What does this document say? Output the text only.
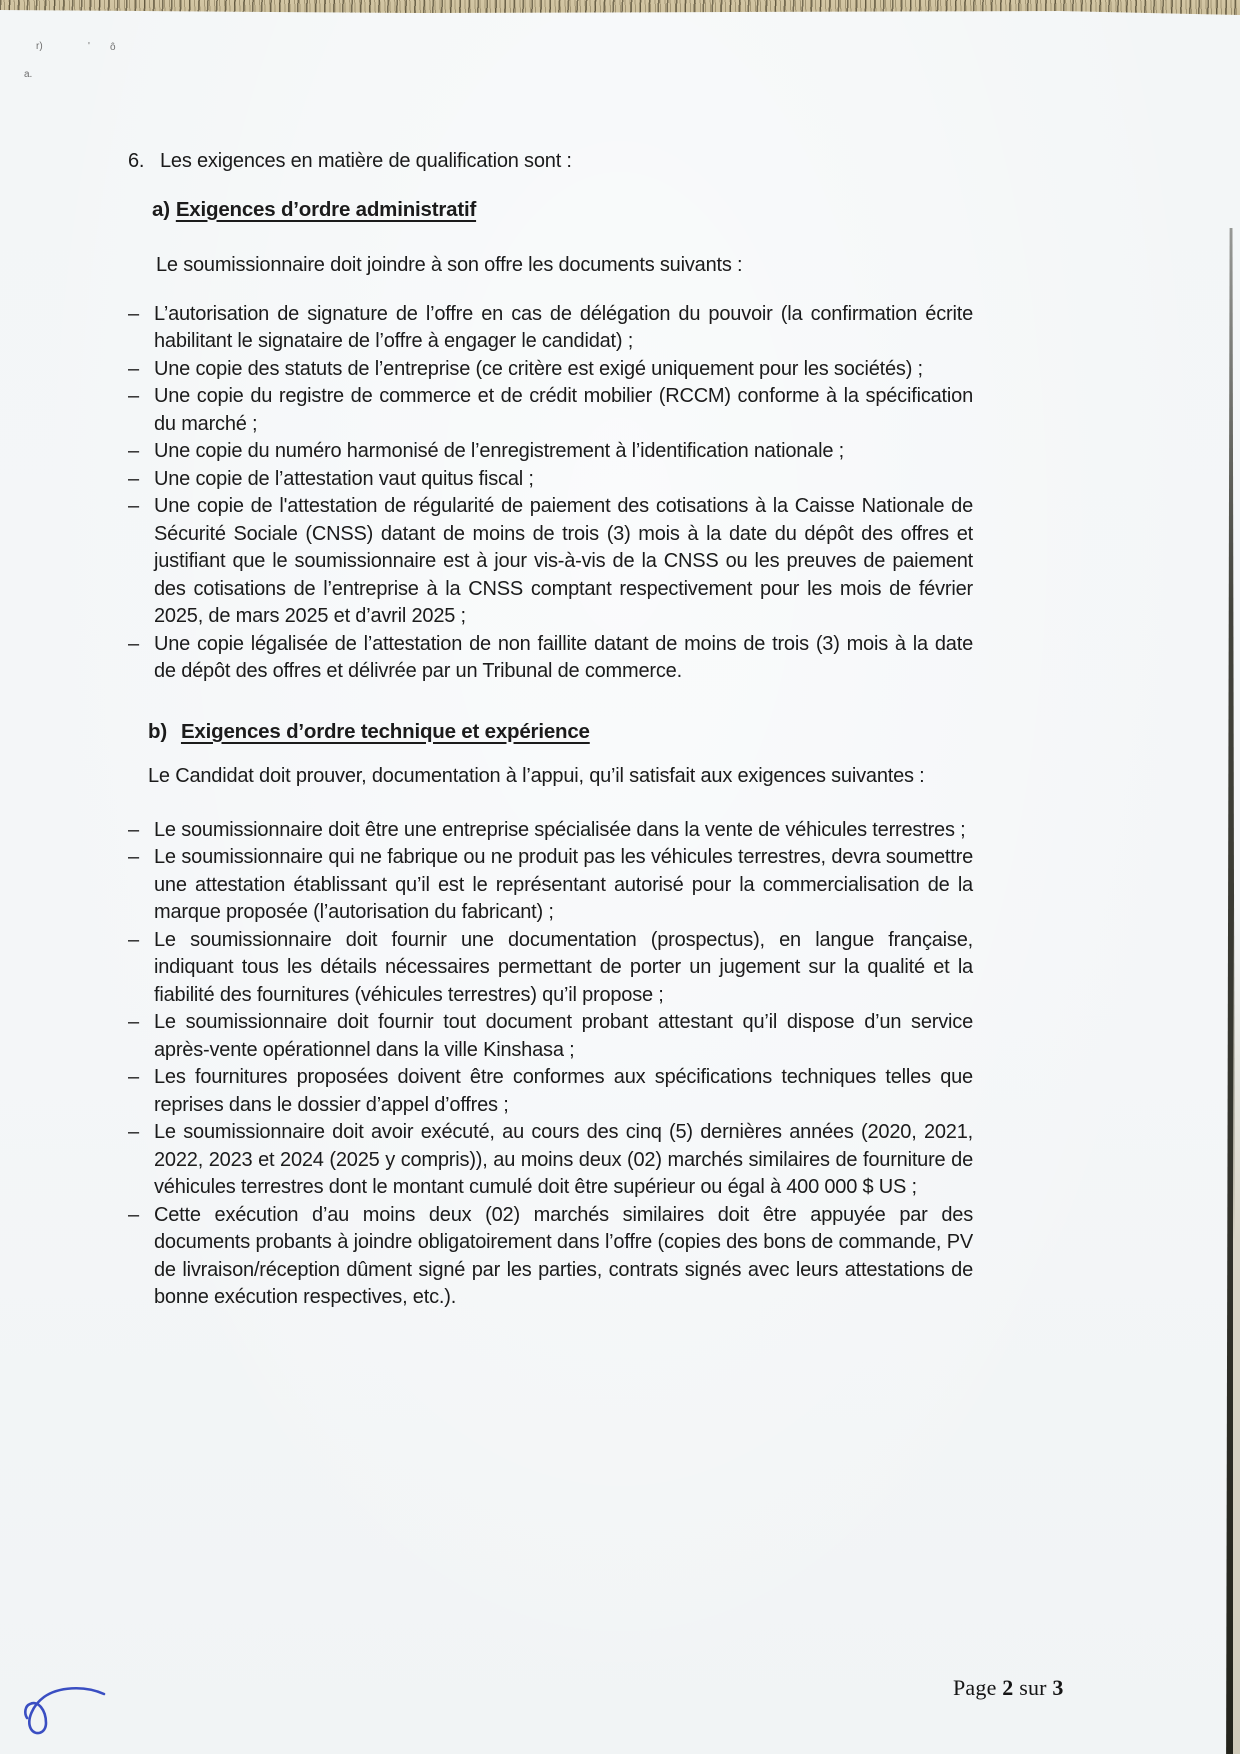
r)	' ô
a.
6. Les exigences en matière de qualification sont :
a) Exigences d’ordre administratif

Le soumissionnaire doit joindre à son offre les documents suivants :

– L’autorisation de signature de l’offre en cas de délégation du pouvoir (la confirmation écrite habilitant le signataire de l’offre à engager le candidat) ;
– Une copie des statuts de l’entreprise (ce critère est exigé uniquement pour les sociétés) ;
– Une copie du registre de commerce et de crédit mobilier (RCCM) conforme à la spécification du marché ;
– Une copie du numéro harmonisé de l’enregistrement à l’identification nationale ;
– Une copie de l’attestation vaut quitus fiscal ;
– Une copie de l'attestation de régularité de paiement des cotisations à la Caisse Nationale de Sécurité Sociale (CNSS) datant de moins de trois (3) mois à la date du dépôt des offres et justifiant que le soumissionnaire est à jour vis-à-vis de la CNSS ou les preuves de paiement des cotisations de l’entreprise à la CNSS comptant respectivement pour les mois de février 2025, de mars 2025 et d’avril 2025 ;
– Une copie légalisée de l’attestation de non faillite datant de moins de trois (3) mois à la date de dépôt des offres et délivrée par un Tribunal de commerce.
b) Exigences d’ordre technique et expérience

Le Candidat doit prouver, documentation à l’appui, qu’il satisfait aux exigences suivantes :

– Le soumissionnaire doit être une entreprise spécialisée dans la vente de véhicules terrestres ;
– Le soumissionnaire qui ne fabrique ou ne produit pas les véhicules terrestres, devra soumettre une attestation établissant qu’il est le représentant autorisé pour la commercialisation de la marque proposée (l’autorisation du fabricant) ;
– Le soumissionnaire doit fournir une documentation (prospectus), en langue française, indiquant tous les détails nécessaires permettant de porter un jugement sur la qualité et la fiabilité des fournitures (véhicules terrestres) qu’il propose ;
– Le soumissionnaire doit fournir tout document probant attestant qu’il dispose d’un service après-vente opérationnel dans la ville Kinshasa ;
– Les fournitures proposées doivent être conformes aux spécifications techniques telles que reprises dans le dossier d’appel d’offres ;
– Le soumissionnaire doit avoir exécuté, au cours des cinq (5) dernières années (2020, 2021, 2022, 2023 et 2024 (2025 y compris)), au moins deux (02) marchés similaires de fourniture de véhicules terrestres dont le montant cumulé doit être supérieur ou égal à 400 000 $ US ;
– Cette exécution d’au moins deux (02) marchés similaires doit être appuyée par des documents probants à joindre obligatoirement dans l’offre (copies des bons de commande, PV de livraison/réception dûment signé par les parties, contrats signés avec leurs attestations de bonne exécution respectives, etc.).
Page 2 sur 3
